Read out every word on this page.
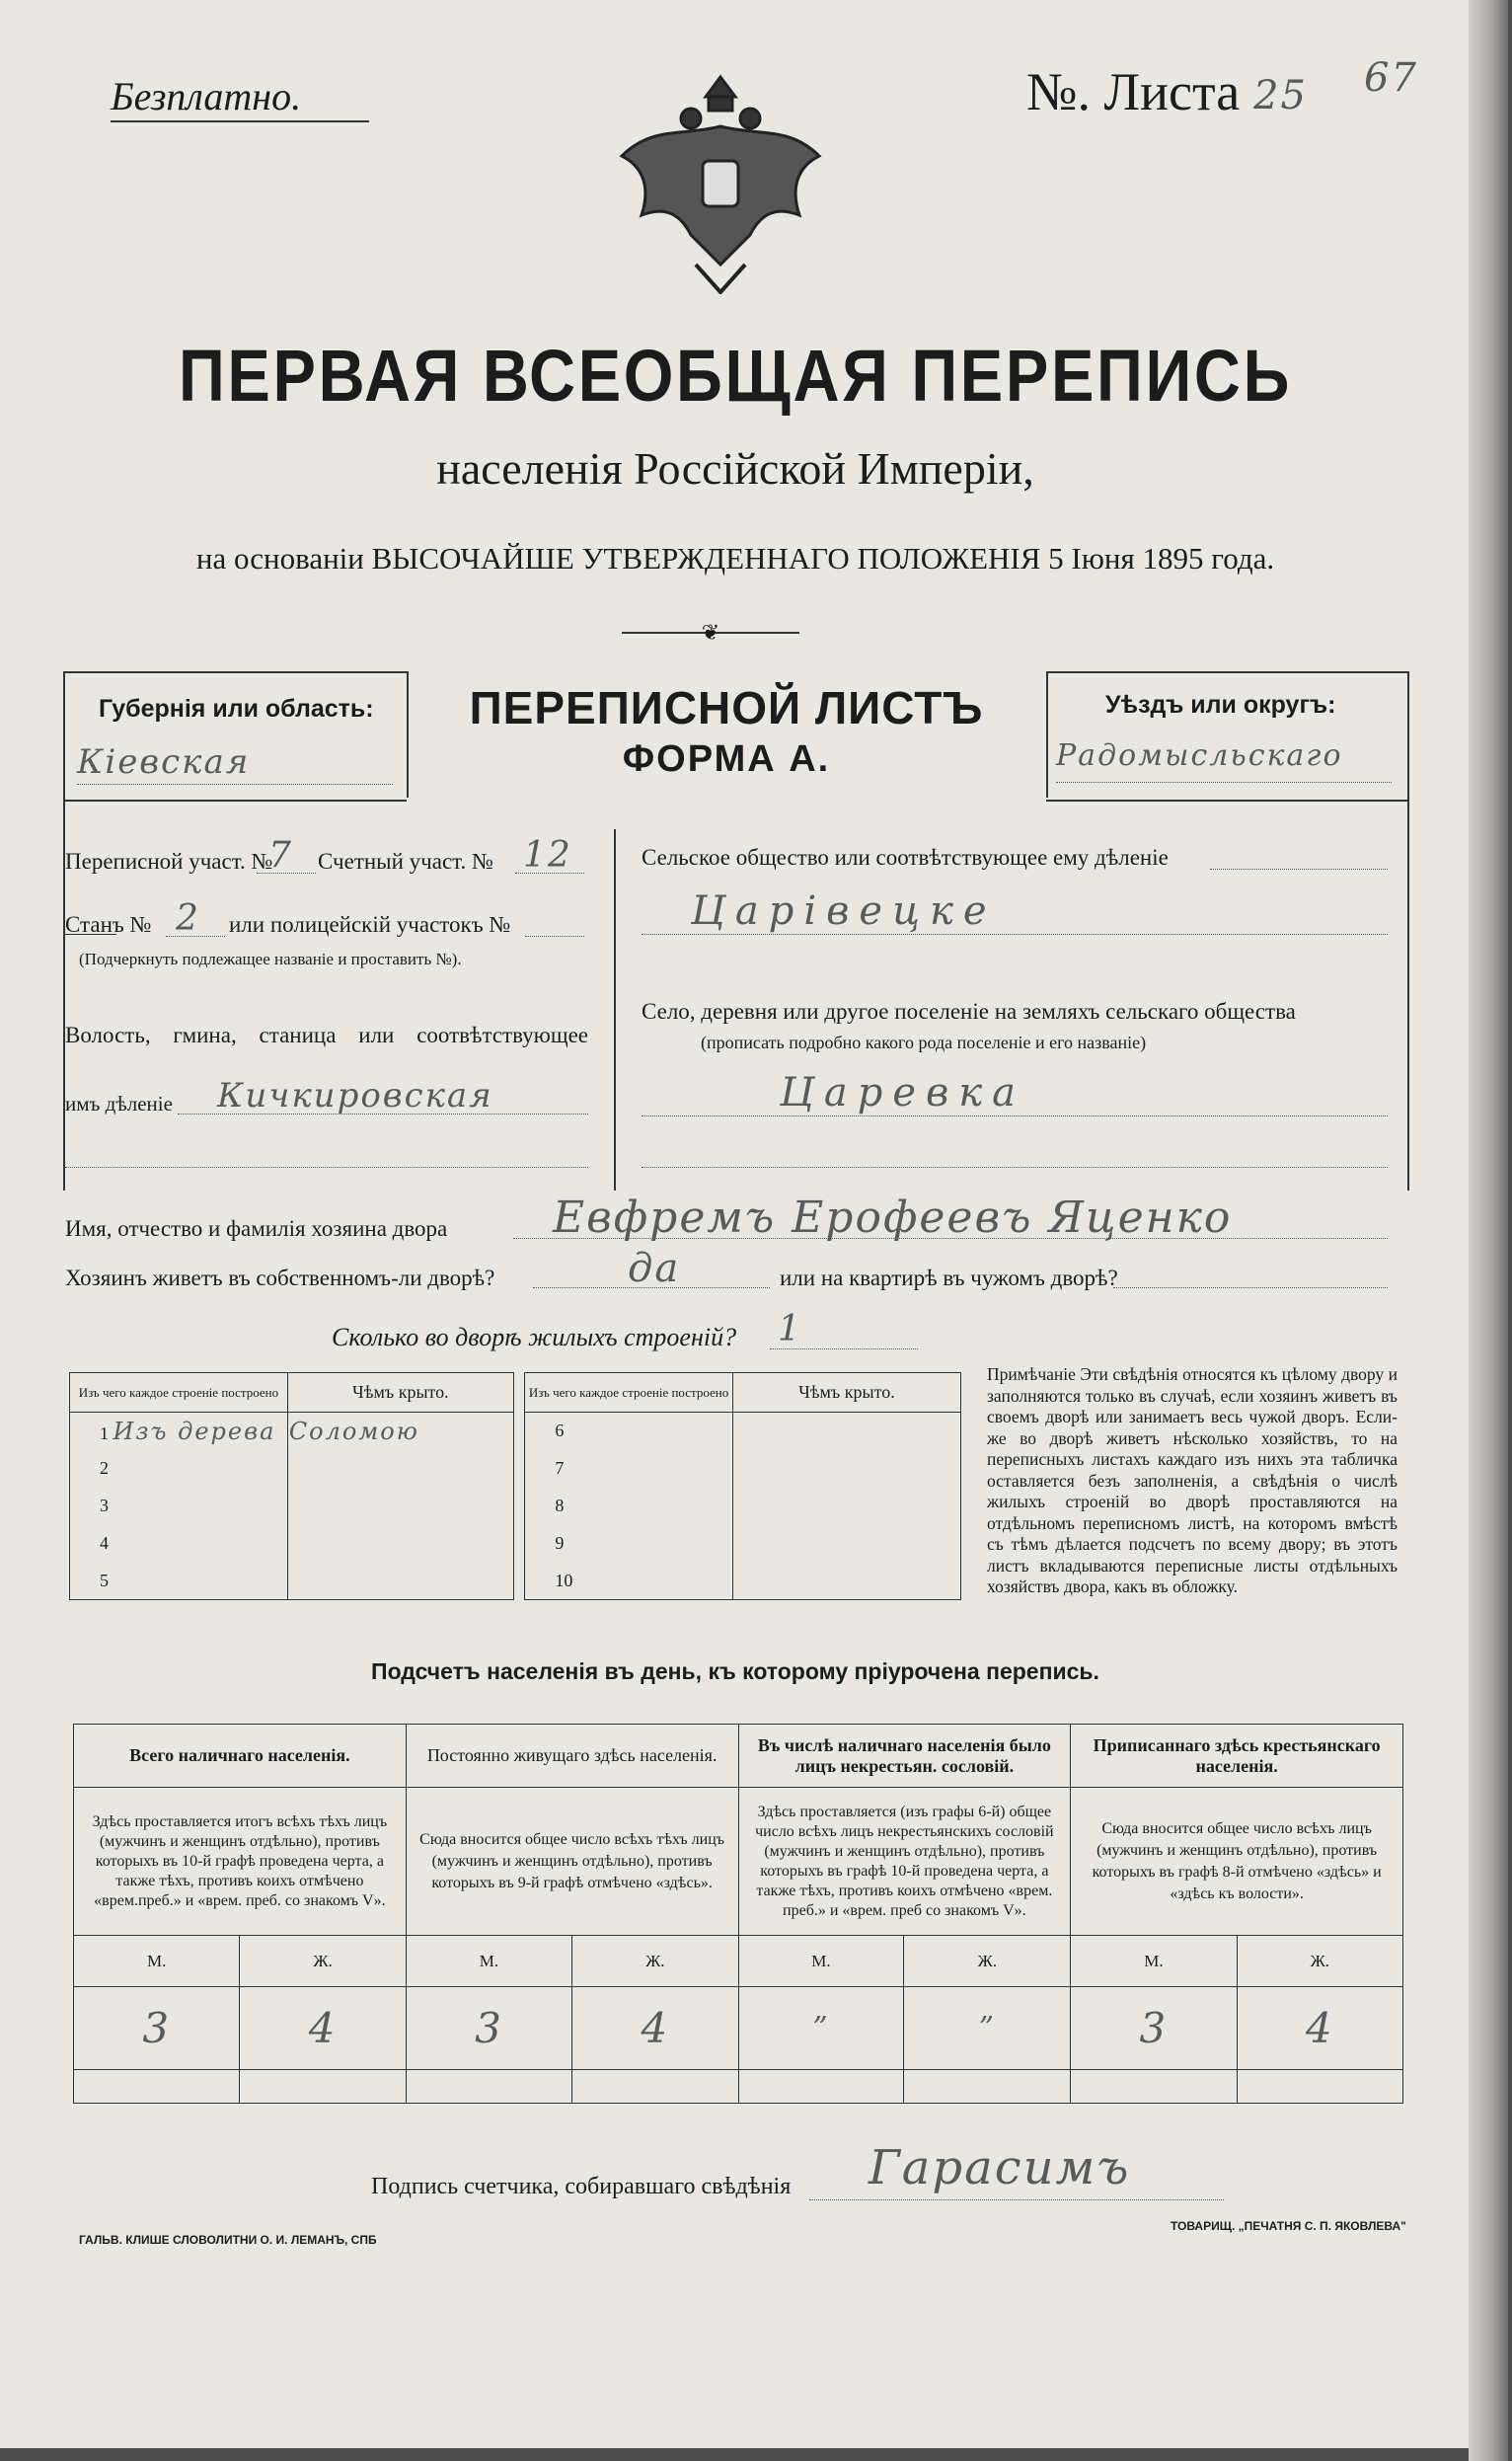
Безплатно.	№. Листа 25 67
ПЕРВАЯ ВСЕОБЩАЯ ПЕРЕПИСЬ
населенія Россійской Имперіи,
на основаніи ВЫСОЧАЙШЕ УТВЕРЖДЕННАГО ПОЛОЖЕНІЯ 5 Іюня 1895 года.
❦
ПЕРЕПИСНОЙ ЛИСТЪ
ФОРМА А.
Губернія или область:
Кіевская
Уѣздъ или округъ:
Радомысльскаго
Переписной участ. №
7 Счетный участ. № 12
Станъ № 2 или полицейскій участокъ №
(Подчеркнуть подлежащее названіе и проставить №).
Волость, гмина, станица или соотвѣтствующее
имъ дѣленіе Кичкировская
Сельское общество или соотвѣтствующее ему дѣленіе
Царівецке
Село, деревня или другое поселеніе на земляхъ сельскаго общества
(прописать подробно какого рода поселеніе и его названіе)
Царевка
Имя, отчество и фамилія хозяина двора Евфремъ Ерофеевъ Яценко
Хозяинъ живетъ въ собственномъ-ли дворѣ?	да	или на квартирѣ въ чужомъ дворѣ?
Сколько во дворѣ жилыхъ строеній? 1
Изъ чего каждое строеніе построено	Чѣмъ крыто.		Изъ чего каждое строеніе построено	Чѣмъ крыто.
1 Изъ дерева	Соломою		6	
2			7	
3			8	
4			9	
5			10	
Примѣчаніе Эти свѣдѣнія относятся къ цѣлому двору и заполняются только въ случаѣ, если хозяинъ живетъ въ своемъ дворѣ или занимаетъ весь чужой дворъ. Если-же во дворѣ живетъ нѣсколько хозяйствъ, то на переписныхъ листахъ каждаго изъ нихъ эта табличка оставляется безъ заполненія, а свѣдѣнія о числѣ жилыхъ строеній во дворѣ проставляются на отдѣльномъ переписномъ листѣ, на которомъ вмѣстѣ съ тѣмъ дѣлается подсчетъ по всему двору; въ этотъ листъ вкладываются переписные листы отдѣльныхъ хозяйствъ двора, какъ въ обложку.
Подсчетъ населенія въ день, къ которому пріурочена перепись.
Всего наличнаго населенія.		Постоянно живущаго здѣсь населенія.		Въ числѣ наличнаго населенія было лицъ некрестьян. сословій.		Приписаннаго здѣсь крестьянскаго населенія.	
Здѣсь проставляется итогъ всѣхъ тѣхъ лицъ (мужчинъ и женщинъ отдѣльно), противъ которыхъ въ 10-й графѣ проведена черта, а также тѣхъ, противъ коихъ отмѣчено «врем.преб.» и «врем. преб. со знакомъ V».		Сюда вносится общее число всѣхъ тѣхъ лицъ (мужчинъ и женщинъ отдѣльно), противъ которыхъ въ 9-й графѣ отмѣчено «здѣсь».		Здѣсь проставляется (изъ графы 6-й) общее число всѣхъ лицъ некрестьянскихъ сословій (мужчинъ и женщинъ отдѣльно), противъ которыхъ въ графѣ 10-й проведена черта, а также тѣхъ, противъ коихъ отмѣчено «врем. преб.» и «врем. преб со знакомъ V».		Сюда вносится общее число всѣхъ лицъ (мужчинъ и женщинъ отдѣльно), противъ которыхъ въ графѣ 8-й отмѣчено «здѣсь» и «здѣсь къ волости».	
М.	Ж.	М.	Ж.	М.	Ж.	М.	Ж.
3	4	3	4	”	”	3	4

Подпись счетчика, собиравшаго свѣдѣнія Гарасимъ
ГАЛЬВ. КЛИШЕ СЛОВОЛИТНИ О. И. ЛЕМАНЪ, СПБ
ТОВАРИЩ. „ПЕЧАТНЯ С. П. ЯКОВЛЕВА"
